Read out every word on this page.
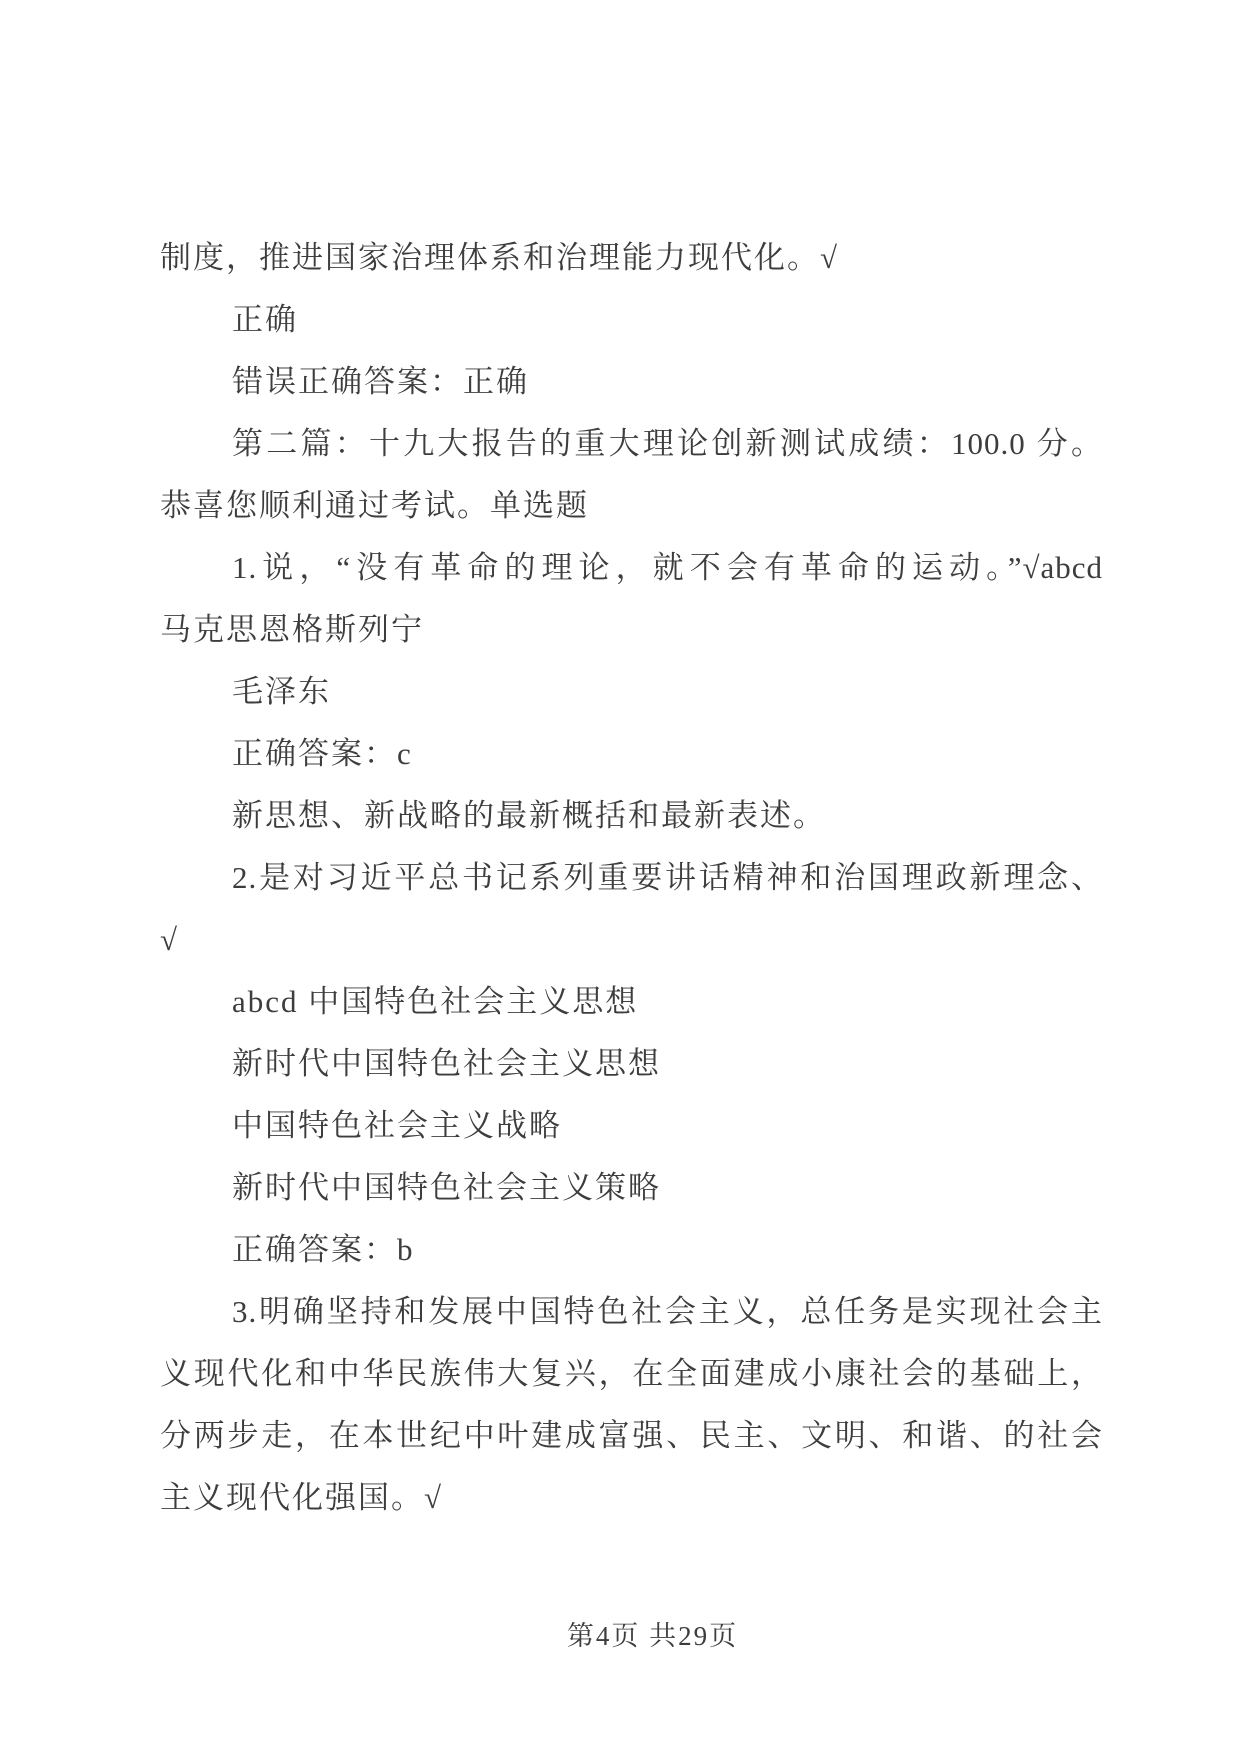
制度，推进国家治理体系和治理能力现代化。√
正确
错误正确答案：正确
第二篇：十九大报告的重大理论创新测试成绩：100.0 分。
恭喜您顺利通过考试。单选题
1.说，“没有革命的理论，就不会有革命的运动。”√abcd
马克思恩格斯列宁
毛泽东
正确答案：c
新思想、新战略的最新概括和最新表述。
2.是对习近平总书记系列重要讲话精神和治国理政新理念、
√
abcd 中国特色社会主义思想
新时代中国特色社会主义思想
中国特色社会主义战略
新时代中国特色社会主义策略
正确答案：b
3.明确坚持和发展中国特色社会主义，总任务是实现社会主
义现代化和中华民族伟大复兴，在全面建成小康社会的基础上，
分两步走，在本世纪中叶建成富强、民主、文明、和谐、的社会
主义现代化强国。√
第4页 共29页
